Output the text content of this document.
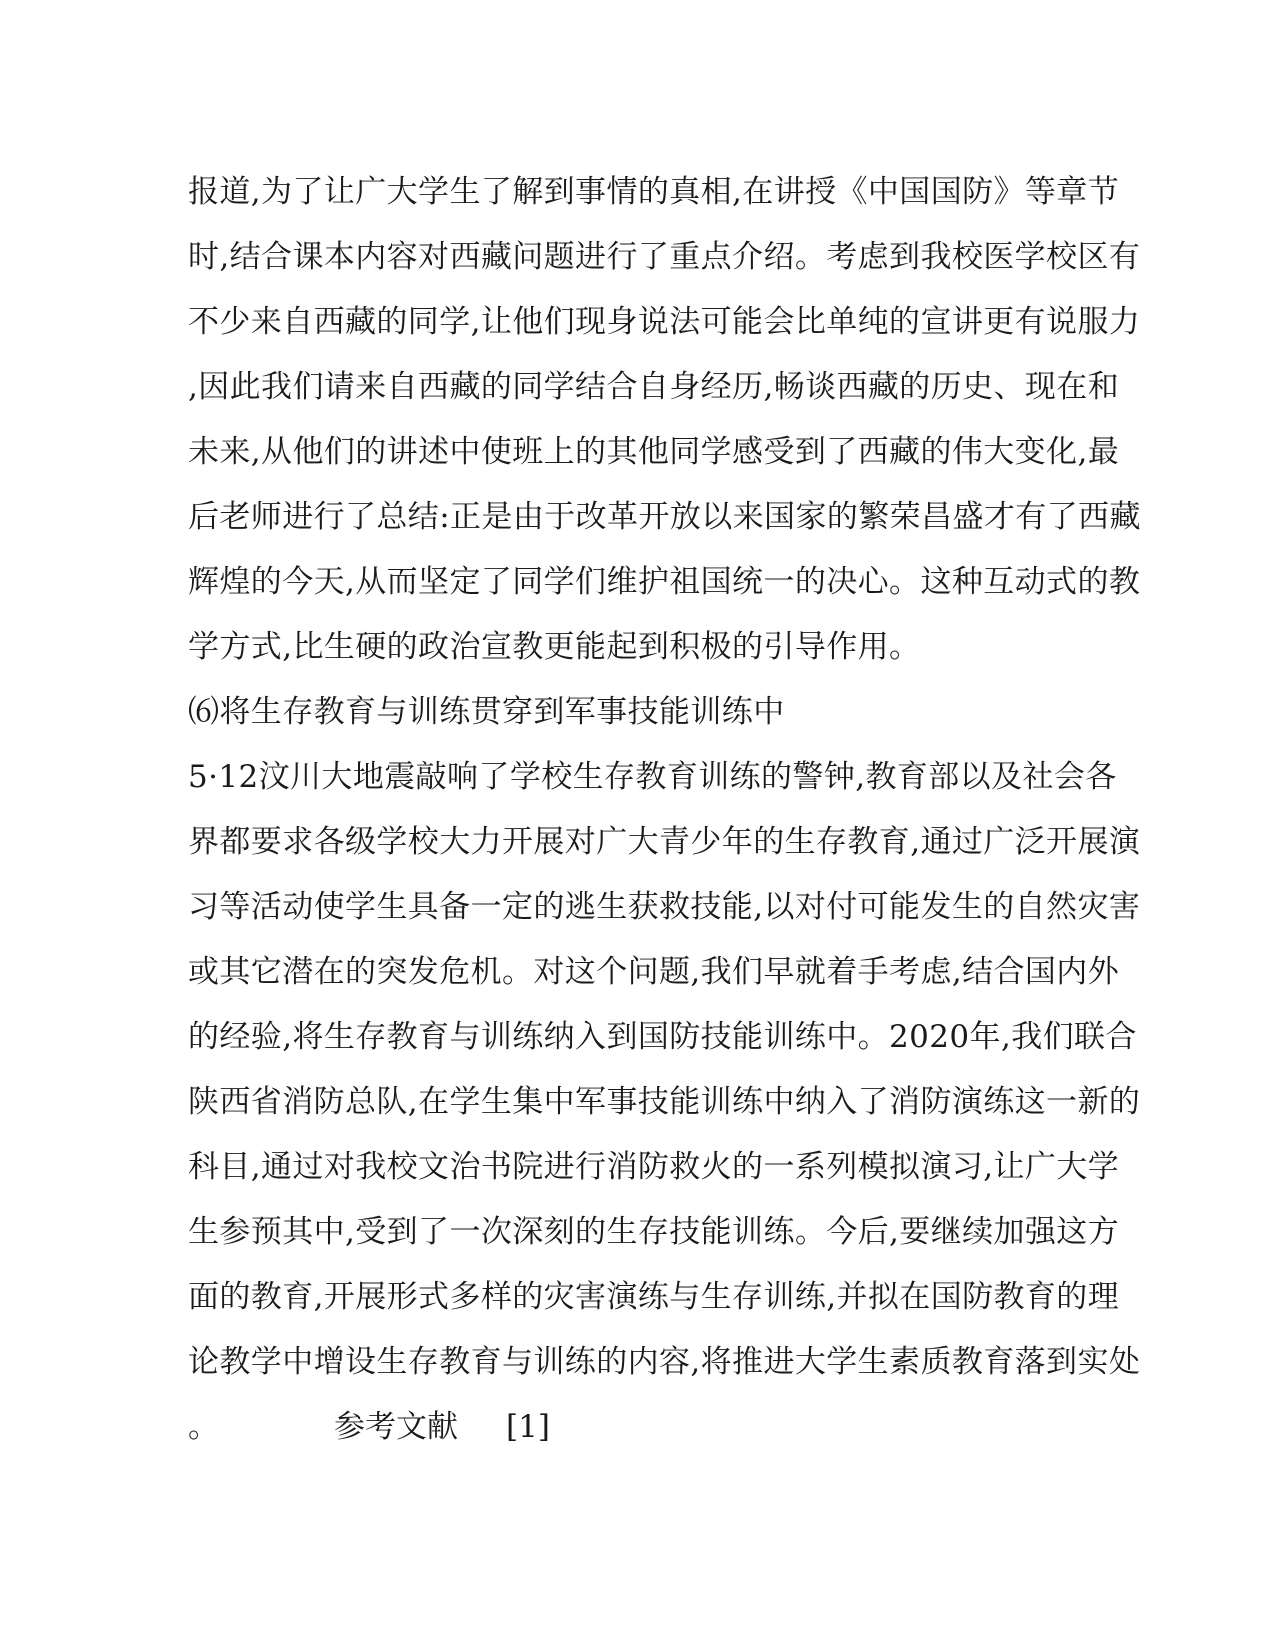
报道,为了让广大学生了解到事情的真相,在讲授《中国国防》等章节
时,结合课本内容对西藏问题进行了重点介绍。考虑到我校医学校区有
不少来自西藏的同学,让他们现身说法可能会比单纯的宣讲更有说服力
,因此我们请来自西藏的同学结合自身经历,畅谈西藏的历史、现在和
未来,从他们的讲述中使班上的其他同学感受到了西藏的伟大变化,最
后老师进行了总结:正是由于改革开放以来国家的繁荣昌盛才有了西藏
辉煌的今天,从而坚定了同学们维护祖国统一的决心。这种互动式的教
学方式,比生硬的政治宣教更能起到积极的引导作用。
⑹将生存教育与训练贯穿到军事技能训练中
5·12汶川大地震敲响了学校生存教育训练的警钟,教育部以及社会各
界都要求各级学校大力开展对广大青少年的生存教育,通过广泛开展演
习等活动使学生具备一定的逃生获救技能,以对付可能发生的自然灾害
或其它潜在的突发危机。对这个问题,我们早就着手考虑,结合国内外
的经验,将生存教育与训练纳入到国防技能训练中。2020年,我们联合
陕西省消防总队,在学生集中军事技能训练中纳入了消防演练这一新的
科目,通过对我校文治书院进行消防救火的一系列模拟演习,让广大学
生参预其中,受到了一次深刻的生存技能训练。今后,要继续加强这方
面的教育,开展形式多样的灾害演练与生存训练,并拟在国防教育的理
论教学中增设生存教育与训练的内容,将推进大学生素质教育落到实处
。	参考文献 [1]
